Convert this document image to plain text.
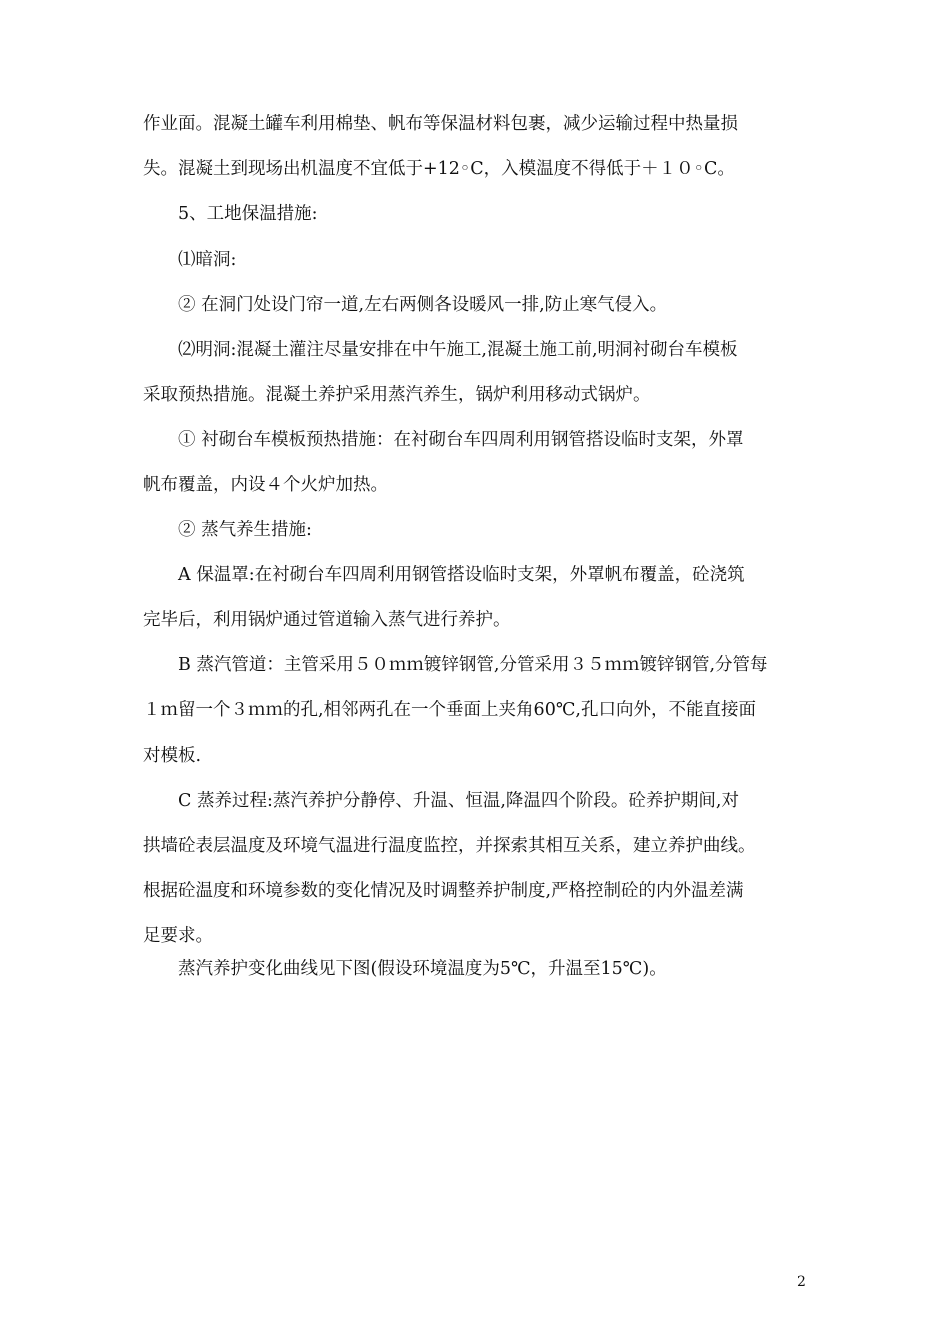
作业面。混凝土罐车利用棉垫、帆布等保温材料包裹，减少运输过程中热量损
失。混凝土到现场出机温度不宜低于+12◦C，入模温度不得低于＋１０◦C。
5、工地保温措施:
⑴暗洞:
② 在洞门处设门帘一道,左右两侧各设暖风一排,防止寒气侵入。
⑵明洞:混凝土灌注尽量安排在中午施工,混凝土施工前,明洞衬砌台车模板
采取预热措施。混凝土养护采用蒸汽养生，锅炉利用移动式锅炉。
① 衬砌台车模板预热措施：在衬砌台车四周利用钢管搭设临时支架，外罩
帆布覆盖，内设４个火炉加热。
② 蒸气养生措施:
A 保温罩:在衬砌台车四周利用钢管搭设临时支架，外罩帆布覆盖，砼浇筑
完毕后，利用锅炉通过管道输入蒸气进行养护。
B 蒸汽管道：主管采用５０ｍｍ镀锌钢管,分管采用３５ｍｍ镀锌钢管,分管每
１ｍ留一个３ｍｍ的孔,相邻两孔在一个垂面上夹角60℃,孔口向外，不能直接面
对模板.
C 蒸养过程:蒸汽养护分静停、升温、恒温,降温四个阶段。砼养护期间,对
拱墙砼表层温度及环境气温进行温度监控，并探索其相互关系，建立养护曲线。
根据砼温度和环境参数的变化情况及时调整养护制度,严格控制砼的内外温差满
足要求。
蒸汽养护变化曲线见下图(假设环境温度为5℃，升温至15℃)。
2
